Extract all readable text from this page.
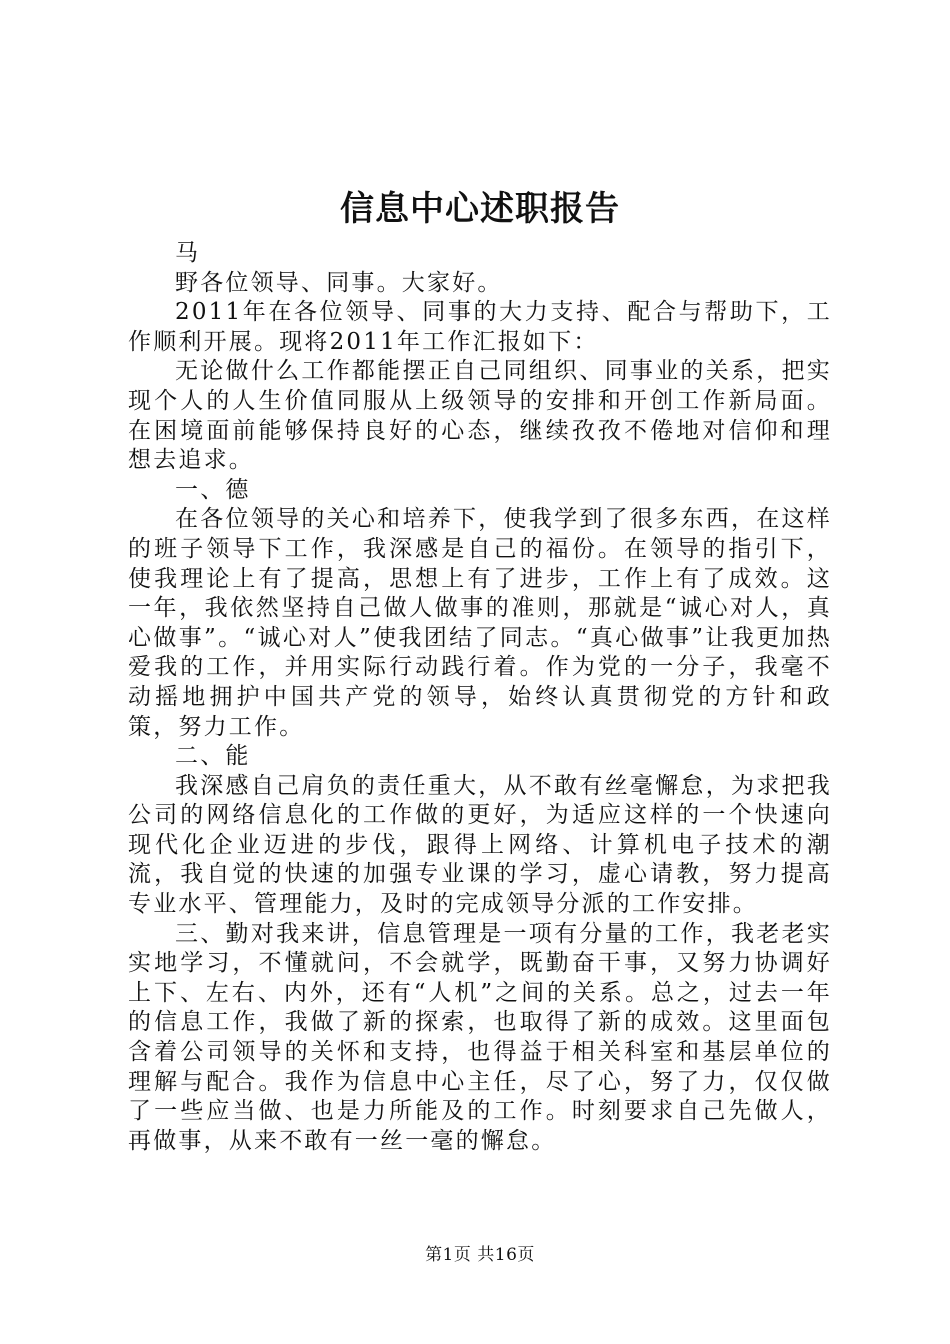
信息中心述职报告

马

野各位领导、同事。大家好。

2011年在各位领导、同事的大力支持、配合与帮助下，工作顺利开展。现将2011年工作汇报如下：

无论做什么工作都能摆正自己同组织、同事业的关系，把实现个人的人生价值同服从上级领导的安排和开创工作新局面。在困境面前能够保持良好的心态，继续孜孜不倦地对信仰和理想去追求。

一、德

在各位领导的关心和培养下，使我学到了很多东西，在这样的班子领导下工作，我深感是自己的福份。在领导的指引下，使我理论上有了提高，思想上有了进步，工作上有了成效。这一年，我依然坚持自己做人做事的准则，那就是“诚心对人，真心做事”。“诚心对人”使我团结了同志。“真心做事”让我更加热爱我的工作，并用实际行动践行着。作为党的一分子，我毫不动摇地拥护中国共产党的领导，始终认真贯彻党的方针和政策，努力工作。

二、能

我深感自己肩负的责任重大，从不敢有丝毫懈怠，为求把我公司的网络信息化的工作做的更好，为适应这样的一个快速向现代化企业迈进的步伐，跟得上网络、计算机电子技术的潮流，我自觉的快速的加强专业课的学习，虚心请教，努力提高专业水平、管理能力，及时的完成领导分派的工作安排。

三、勤对我来讲，信息管理是一项有分量的工作，我老老实实地学习，不懂就问，不会就学，既勤奋干事，又努力协调好上下、左右、内外，还有“人机”之间的关系。总之，过去一年的信息工作，我做了新的探索，也取得了新的成效。这里面包含着公司领导的关怀和支持，也得益于相关科室和基层单位的理解与配合。我作为信息中心主任，尽了心，努了力，仅仅做了一些应当做、也是力所能及的工作。时刻要求自己先做人，再做事，从来不敢有一丝一毫的懈怠。

第1页 共16页
